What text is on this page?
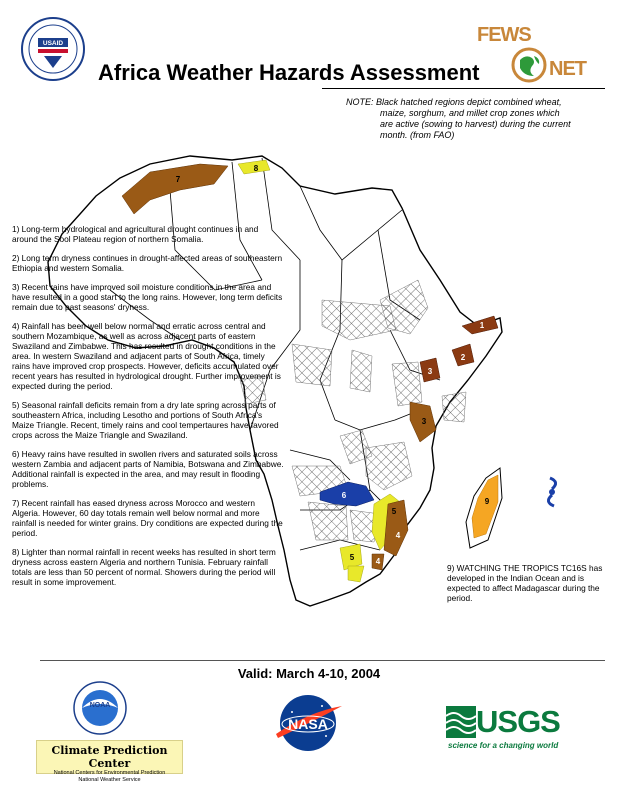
USAID
Africa Weather Hazards Assessment
FEWS
NET
NOTE: Black hatched regions depict combined wheat,
maize, sorghum, and millet crop zones which
are active (sowing to harvest) during the current
month. (from FAO)
7
8
1
2
3
3
6
5
4
5	4
9

1) Long-term hydrological and agricultural drought continues in and around the Sool Plateau region of northern Somalia.

2) Long term dryness continues in drought-affected areas of southeastern Ethiopia and western Somalia.

3) Recent rains have improved soil moisture conditions in the area and have resulted in a good start to the long rains. However, long term deficits remain due to past seasons' dryness.

4) Rainfall has been well below normal and erratic across central and southern Mozambique, as well as across adjacent parts of eastern Swaziland and Zimbabwe. This has resulted in drought conditions in the area. In western Swaziland and adjacent parts of South Africa, timely rains have improved crop prospects. However, deficits accumulated over recent years has resulted in hydrological drought. Further improvement is expected during the period.

5) Seasonal rainfall deficits remain from a dry late spring across parts of southeastern Africa, including Lesotho and portions of South Africa's Maize Triangle. Recent, timely rains and cool tempertaures have favored crops across the Maize Triangle and Swaziland.

6) Heavy rains have resulted in swollen rivers and saturated soils across western Zambia and adjacent parts of Namibia, Botswana and Zimbabwe. Additional rainfall is expected in the area, and may result in flooding problems.

7) Recent rainfall has eased dryness across Morocco and western Algeria. However, 60 day totals remain well below normal and more rainfall is needed for winter grains. Dry conditions are expected during the period.

8) Lighter than normal rainfall in recent weeks has resulted in short term dryness across eastern Algeria and northern Tunisia. February rainfall totals are less than 50 percent of normal. Showers during the period will result in some improvement.

9) WATCHING THE TROPICS TC16S has developed in the Indian Ocean and is expected to affect Madagascar during the period.
Valid: March 4-10, 2004
NOAA
Climate Prediction Center
National Centers for Environmental Prediction
National Weather Service
NASA	USGS
science for a changing world
